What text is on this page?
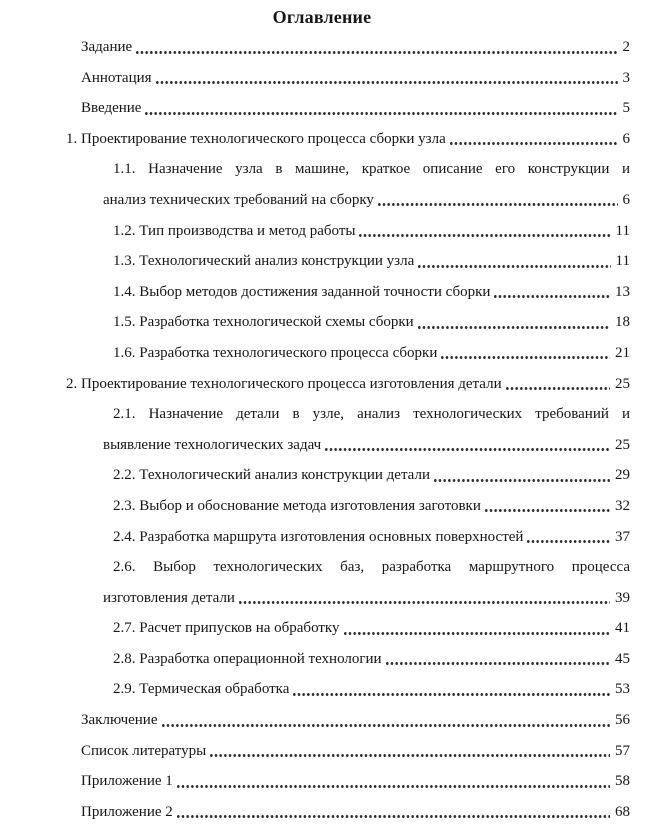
Оглавление
Задание	2
Аннотация	3
Введение	5
1. Проектирование технологического процесса сборки узла	6
1.1. Назначение узла в машине, краткое описание его конструкции и
анализ технических требований на сборку	6
1.2. Тип производства и метод работы	11
1.3. Технологический анализ конструкции узла	11
1.4. Выбор методов достижения заданной точности сборки	13
1.5. Разработка технологической схемы сборки	18
1.6. Разработка технологического процесса сборки	21
2. Проектирование технологического процесса изготовления детали	25
2.1. Назначение детали в узле, анализ технологических требований и
выявление технологических задач	25
2.2. Технологический анализ конструкции детали	29
2.3. Выбор и обоснование метода изготовления заготовки	32
2.4. Разработка маршрута изготовления основных поверхностей	37
2.6. Выбор технологических баз, разработка маршрутного процесса
изготовления детали	39
2.7. Расчет припусков на обработку	41
2.8. Разработка операционной технологии	45
2.9. Термическая обработка	53
Заключение	56
Список литературы	57
Приложение 1	58
Приложение 2	68
